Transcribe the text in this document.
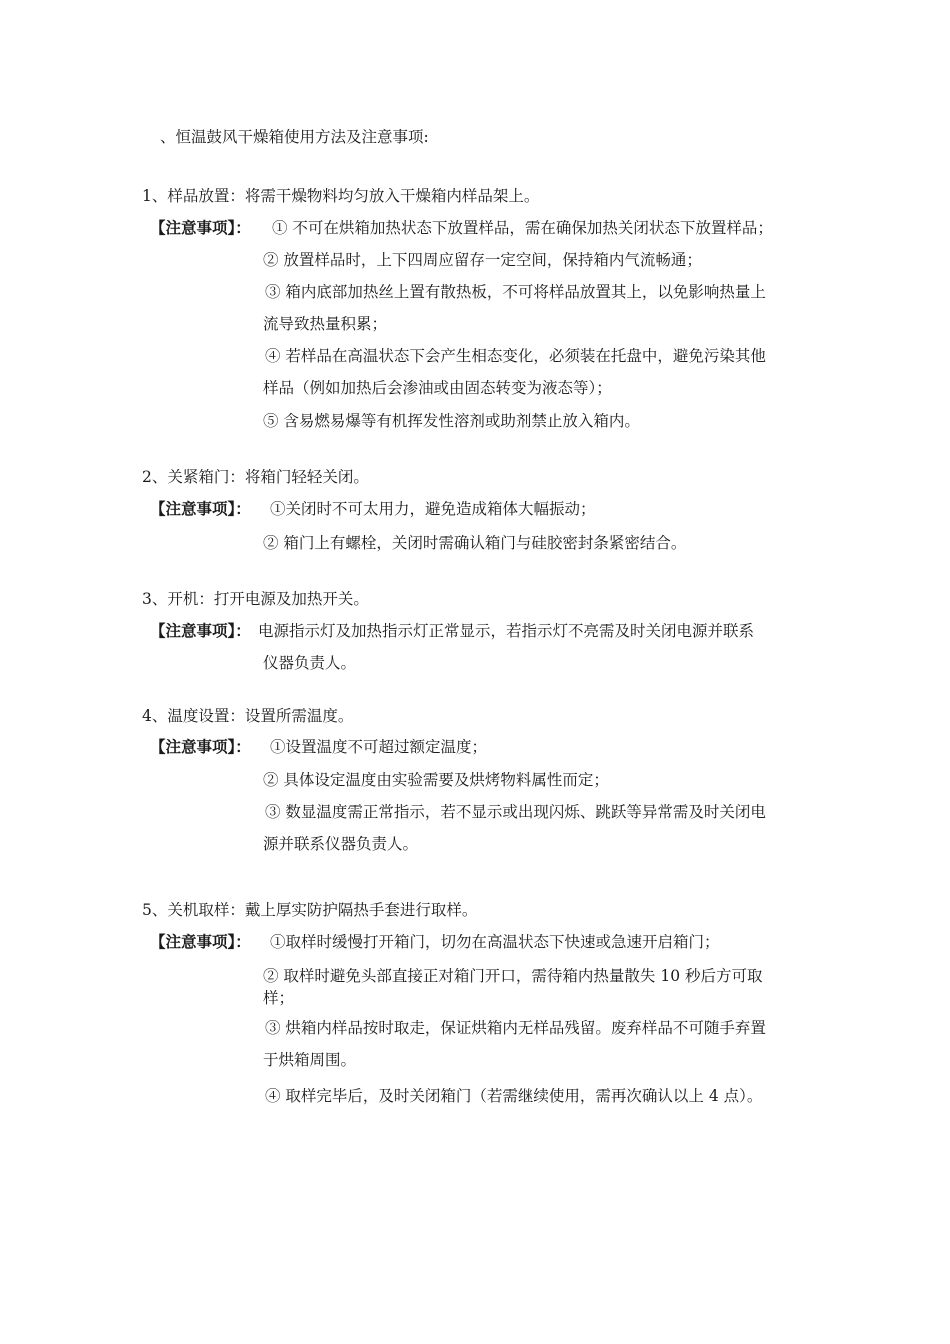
、恒温鼓风干燥箱使用方法及注意事项:
1、样品放置：将需干燥物料均匀放入干燥箱内样品架上。
【注意事项】： ① 不可在烘箱加热状态下放置样品，需在确保加热关闭状态下放置样品；
② 放置样品时，上下四周应留存一定空间，保持箱内气流畅通；
③ 箱内底部加热丝上置有散热板，不可将样品放置其上，以免影响热量上
流导致热量积累；
④ 若样品在高温状态下会产生相态变化，必须装在托盘中，避免污染其他
样品（例如加热后会渗油或由固态转变为液态等）；
⑤ 含易燃易爆等有机挥发性溶剂或助剂禁止放入箱内。
2、关紧箱门：将箱门轻轻关闭。
【注意事项】： ①关闭时不可太用力，避免造成箱体大幅振动；
② 箱门上有螺栓，关闭时需确认箱门与硅胶密封条紧密结合。
3、开机：打开电源及加热开关。
【注意事项】： 电源指示灯及加热指示灯正常显示，若指示灯不亮需及时关闭电源并联系
仪器负责人。
4、温度设置：设置所需温度。
【注意事项】： ①设置温度不可超过额定温度；
② 具体设定温度由实验需要及烘烤物料属性而定；
③ 数显温度需正常指示，若不显示或出现闪烁、跳跃等异常需及时关闭电
源并联系仪器负责人。
5、关机取样：戴上厚实防护隔热手套进行取样。
【注意事项】： ①取样时缓慢打开箱门，切勿在高温状态下快速或急速开启箱门；
② 取样时避免头部直接正对箱门开口，需待箱内热量散失 10 秒后方可取
样；
③ 烘箱内样品按时取走，保证烘箱内无样品残留。废弃样品不可随手弃置
于烘箱周围。
④ 取样完毕后，及时关闭箱门（若需继续使用，需再次确认以上 4 点）。
